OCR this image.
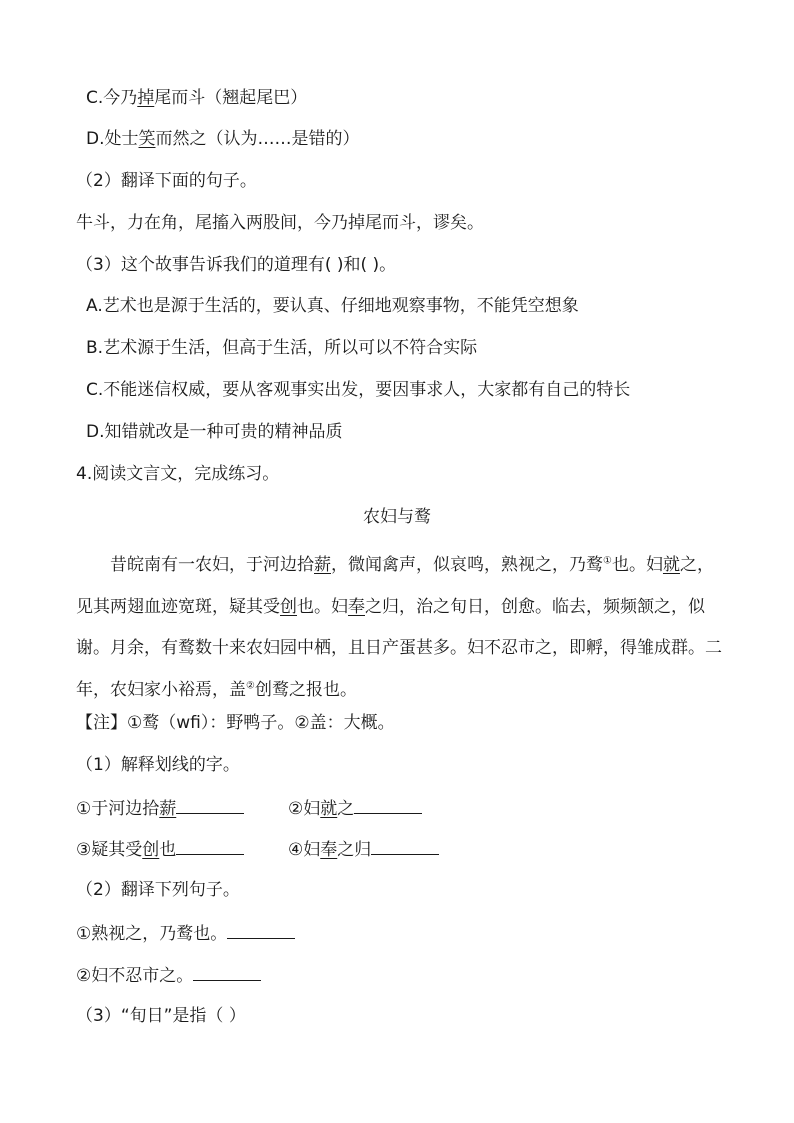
C.今乃掉尾而斗（翘起尾巴）
D.处士笑而然之（认为……是错的）
（2）翻译下面的句子。
牛斗，力在角，尾搐入两股间，今乃掉尾而斗，谬矣。
（3）这个故事告诉我们的道理有( )和( )。
A.艺术也是源于生活的，要认真、仔细地观察事物，不能凭空想象
B.艺术源于生活，但高于生活，所以可以不符合实际
C.不能迷信权威，要从客观事实出发，要因事求人，大家都有自己的特长
D.知错就改是一种可贵的精神品质
4.阅读文言文，完成练习。
农妇与鹜
昔皖南有一农妇，于河边拾薪，微闻禽声，似哀鸣，熟视之，乃鹜①也。妇就之，见其两翅血迹宽斑，疑其受创也。妇奉之归，治之旬日，创愈。临去，频频颔之，似谢。月余，有鹜数十来农妇园中栖，且日产蛋甚多。妇不忍市之，即孵，得雏成群。二年，农妇家小裕焉，盖②创鹜之报也。
【注】①鹜（wfi）：野鸭子。②盖：大概。
（1）解释划线的字。
①于河边拾薪	②妇就之
③疑其受创也	④妇奉之归
（2）翻译下列句子。
①熟视之，乃鹜也。
②妇不忍市之。
（3）“旬日”是指（ ）
